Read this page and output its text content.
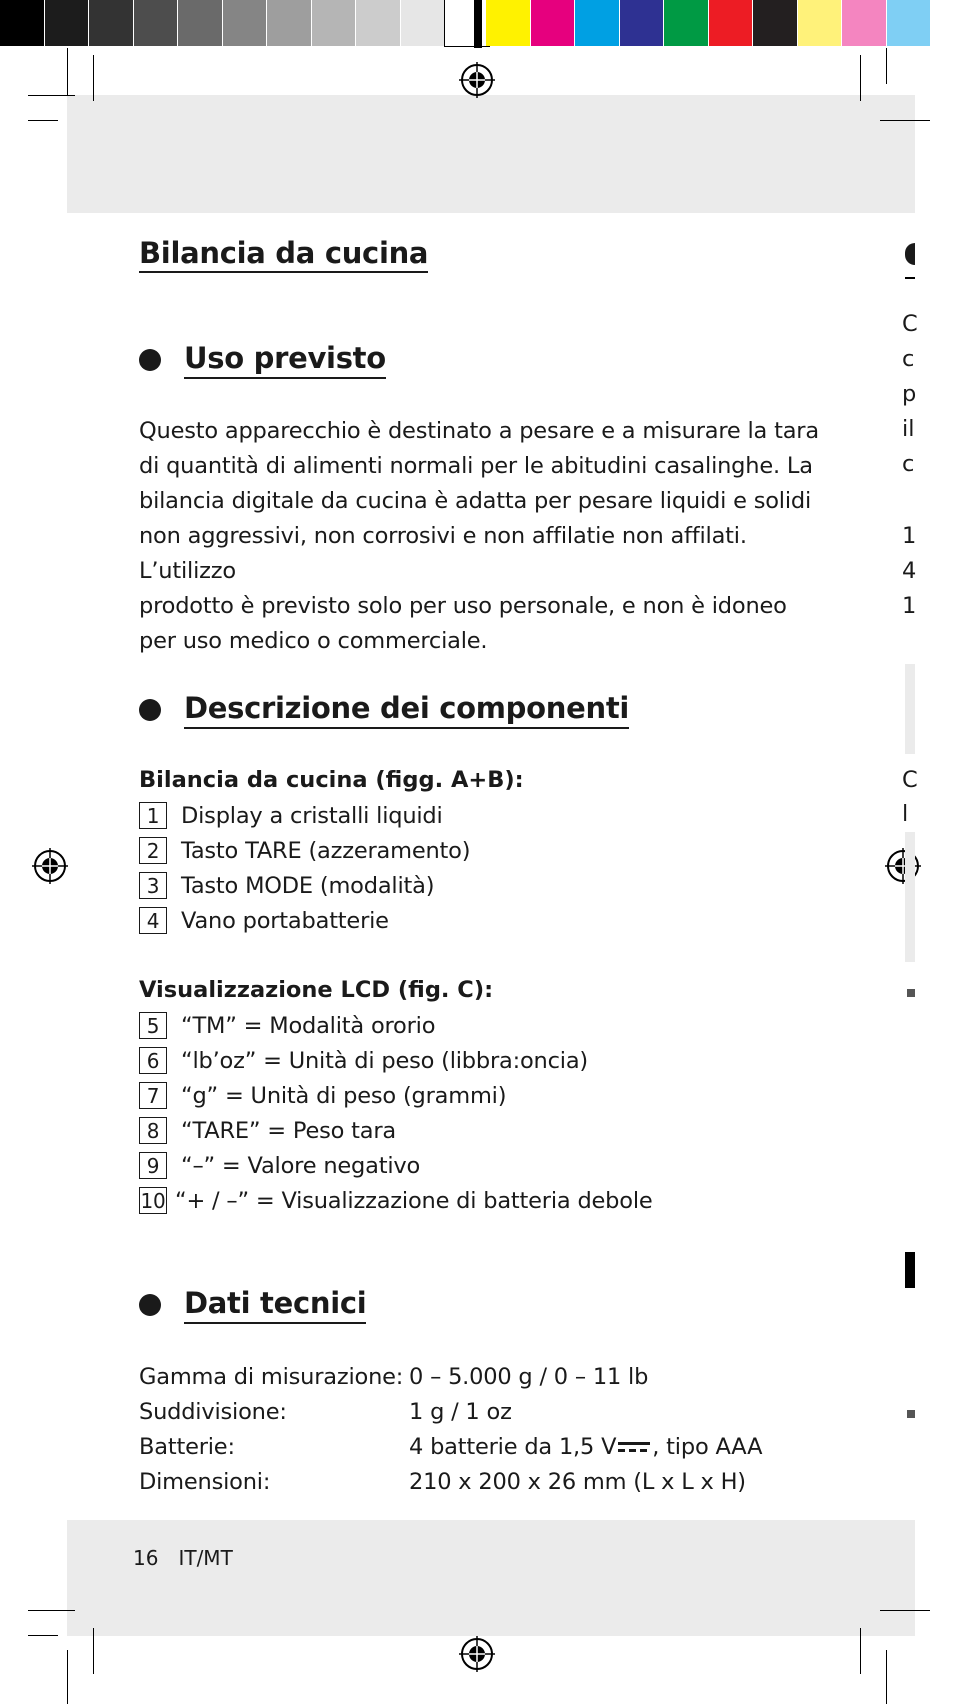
Bilancia da cucina
Uso previsto
Questo apparecchio è destinato a pesare e a misurare la tara
di quantità di alimenti normali per le abitudini casalinghe. La
bilancia digitale da cucina è adatta per pesare liquidi e solidi
non aggressivi, non corrosivi e non affilatie non affilati. L’utilizzo
prodotto è previsto solo per uso personale, e non è idoneo
per uso medico o commerciale.
Descrizione dei componenti
Bilancia da cucina (figg. A+B):
1 Display a cristalli liquidi
2 Tasto TARE (azzeramento)
3 Tasto MODE (modalità)
4 Vano portabatterie
Visualizzazione LCD (fig. C):
5 “TM” = Modalità ororio
6 “lb’oz” = Unità di peso (libbra:oncia)
7 “g” = Unità di peso (grammi)
8 “TARE” = Peso tara
9 “–” = Valore negativo
10 “+ / –” = Visualizzazione di batteria debole
Dati tecnici
Gamma di misurazione: 0 – 5.000 g / 0 – 11 lb
Suddivisione:	1 g / 1 oz
Batterie:	4 batterie da 1,5 V , tipo AAA
Dimensioni:	210 x 200 x 26 mm (L x L x H)
16 IT/MT
C
c
p
il
c
1
4
1
C
l
